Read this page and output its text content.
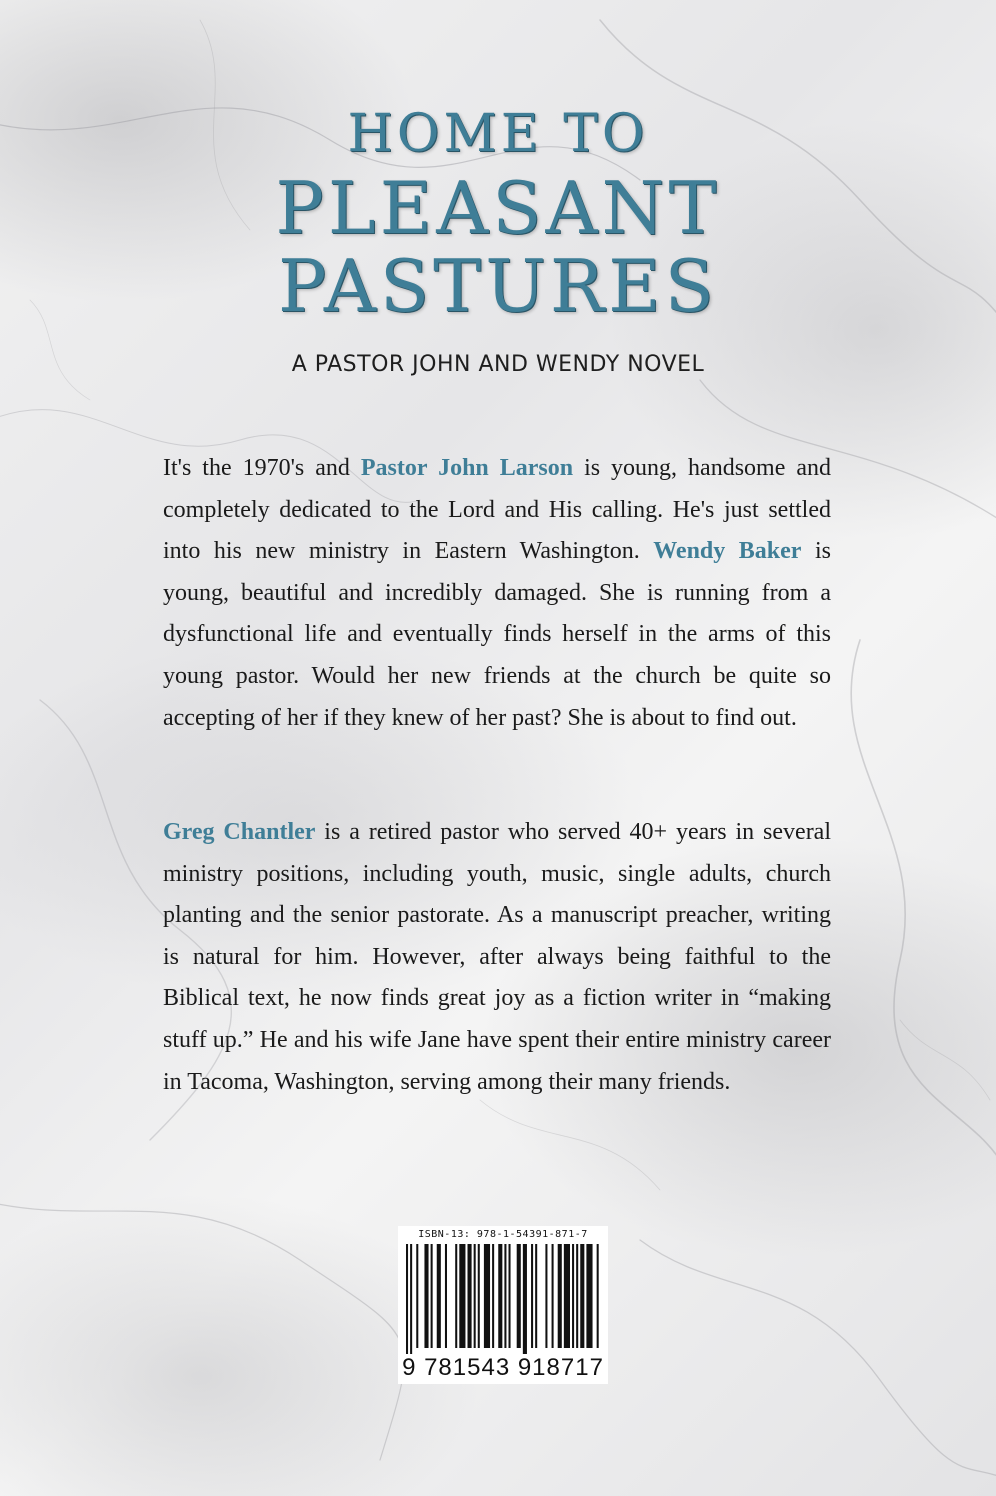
HOME TO
PLEASANT
PASTURES
A PASTOR JOHN AND WENDY NOVEL

It's the 1970's and Pastor John Larson is young, handsome and completely dedicated to the Lord and His calling. He's just settled into his new ministry in Eastern Washington. Wendy Baker is young, beautiful and incredibly damaged. She is running from a dysfunctional life and eventually finds herself in the arms of this young pastor. Would her new friends at the church be quite so accepting of her if they knew of her past? She is about to find out.

Greg Chantler is a retired pastor who served 40+ years in several ministry positions, including youth, music, single adults, church planting and the senior pastorate. As a manuscript preacher, writing is natural for him. However, after always being faithful to the Biblical text, he now finds great joy as a fiction writer in “making stuff up.” He and his wife Jane have spent their entire ministry career in Tacoma, Washington, serving among their many friends.

ISBN-13: 978-1-54391-871-7
9 781543 918717
